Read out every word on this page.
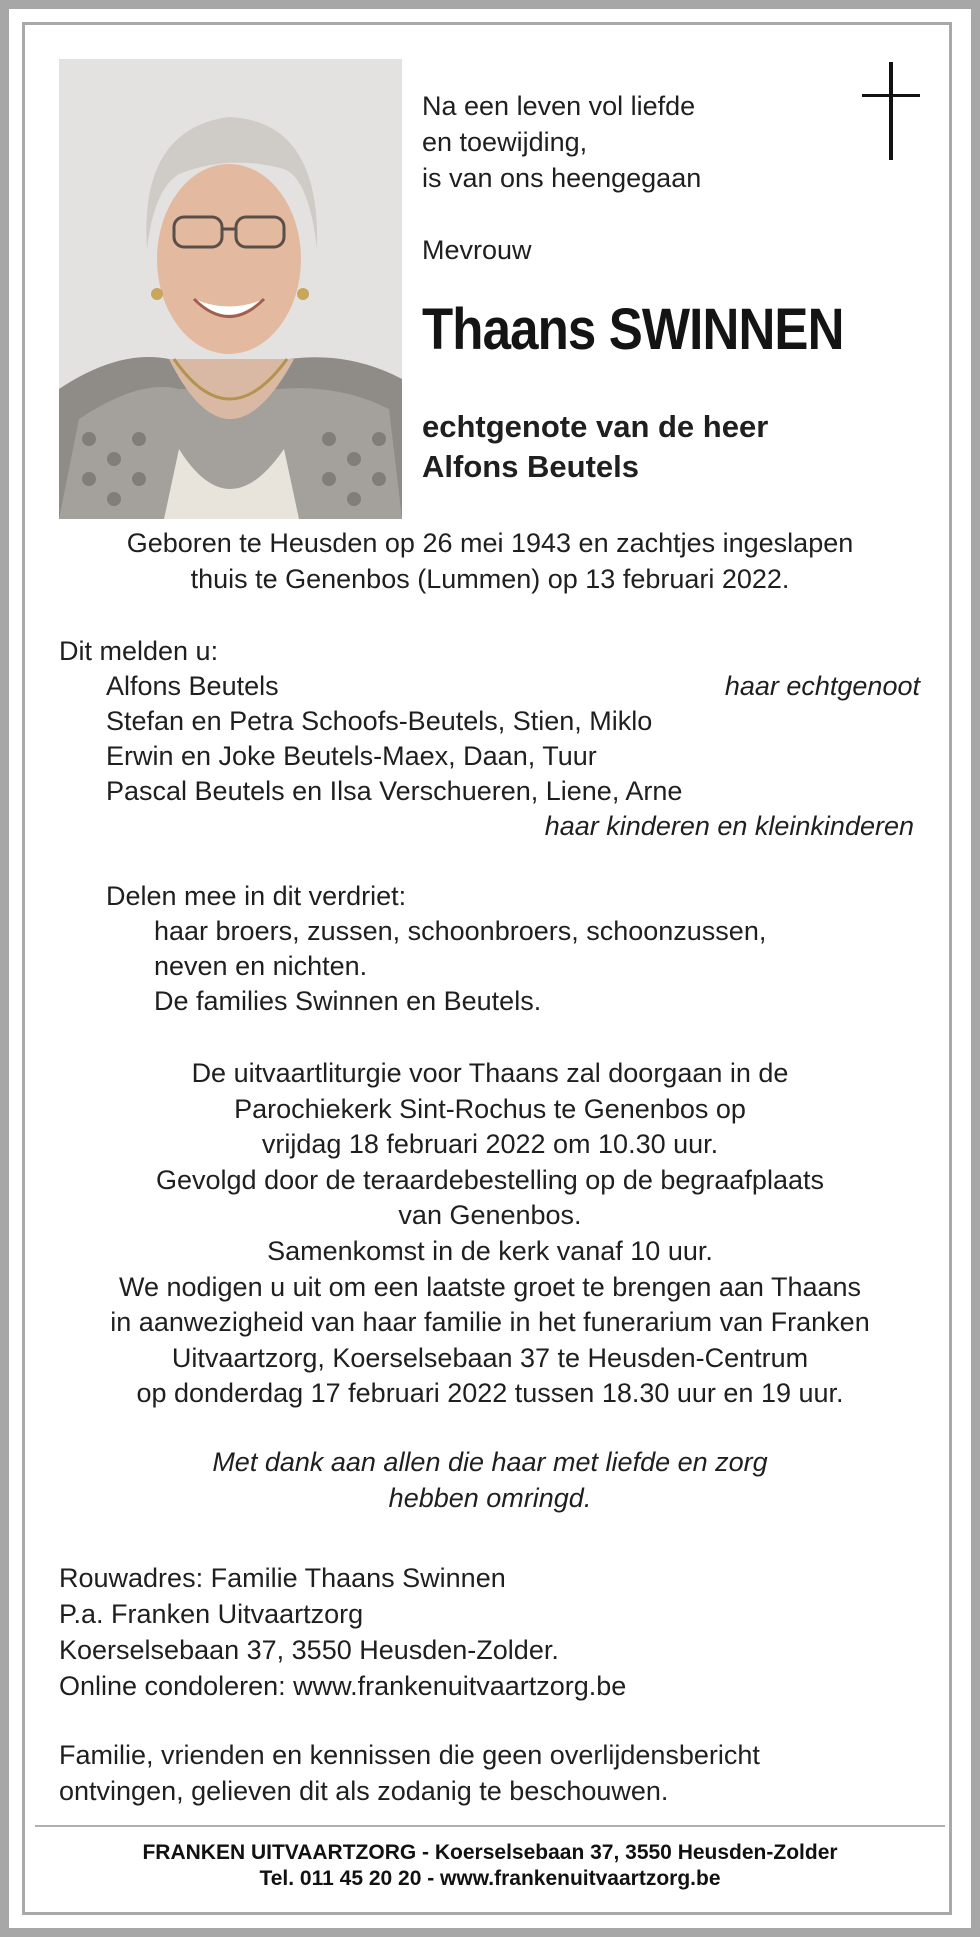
Na een leven vol liefde
en toewijding,
is van ons heengegaan
Mevrouw
Thaans SWINNEN
echtgenote van de heer
Alfons Beutels
Geboren te Heusden op 26 mei 1943 en zachtjes ingeslapen
thuis te Genenbos (Lummen) op 13 februari 2022.
Dit melden u:
Alfons Beutels	haar echtgenoot
Stefan en Petra Schoofs-Beutels, Stien, Miklo
Erwin en Joke Beutels-Maex, Daan, Tuur
Pascal Beutels en Ilsa Verschueren, Liene, Arne
haar kinderen en kleinkinderen
Delen mee in dit verdriet:
haar broers, zussen, schoonbroers, schoonzussen,
neven en nichten.
De families Swinnen en Beutels.
De uitvaartliturgie voor Thaans zal doorgaan in de
Parochiekerk Sint-Rochus te Genenbos op
vrijdag 18 februari 2022 om 10.30 uur.
Gevolgd door de teraardebestelling op de begraafplaats
van Genenbos.
Samenkomst in de kerk vanaf 10 uur.
We nodigen u uit om een laatste groet te brengen aan Thaans
in aanwezigheid van haar familie in het funerarium van Franken
Uitvaartzorg, Koerselsebaan 37 te Heusden-Centrum
op donderdag 17 februari 2022 tussen 18.30 uur en 19 uur.
Met dank aan allen die haar met liefde en zorg
hebben omringd.
Rouwadres: Familie Thaans Swinnen
P.a. Franken Uitvaartzorg
Koerselsebaan 37, 3550 Heusden-Zolder.
Online condoleren: www.frankenuitvaartzorg.be
Familie, vrienden en kennissen die geen overlijdensbericht
ontvingen, gelieven dit als zodanig te beschouwen.
FRANKEN UITVAARTZORG - Koerselsebaan 37, 3550 Heusden-Zolder
Tel. 011 45 20 20 - www.frankenuitvaartzorg.be
